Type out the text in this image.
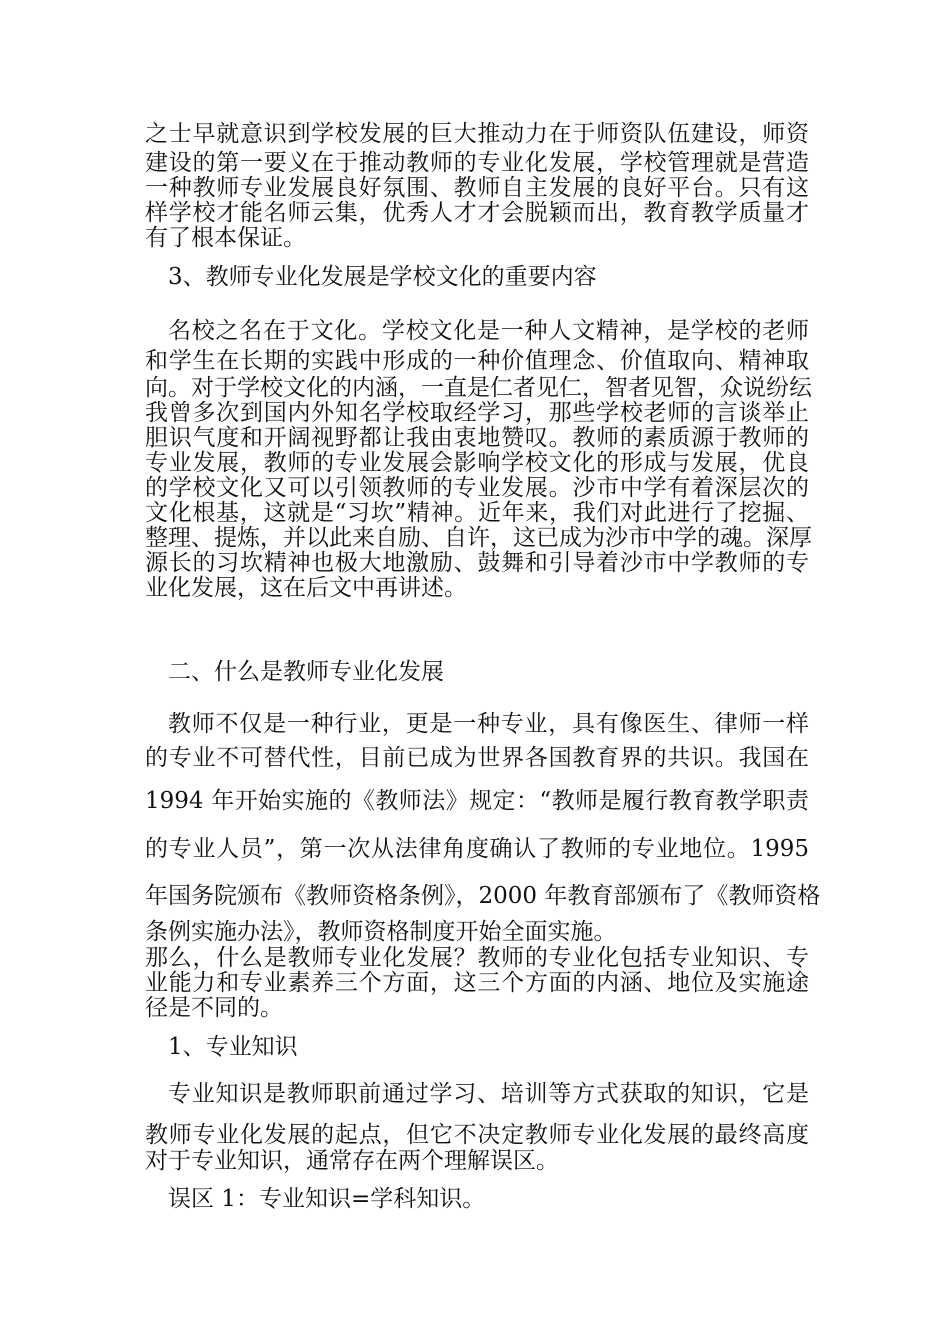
之士早就意识到学校发展的巨大推动力在于师资队伍建设，师资
建设的第一要义在于推动教师的专业化发展，学校管理就是营造
一种教师专业发展良好氛围、教师自主发展的良好平台。只有这
样学校才能名师云集，优秀人才才会脱颖而出，教育教学质量才
有了根本保证。
3、教师专业化发展是学校文化的重要内容
名校之名在于文化。学校文化是一种人文精神，是学校的老师
和学生在长期的实践中形成的一种价值理念、价值取向、精神取
向。对于学校文化的内涵，一直是仁者见仁，智者见智，众说纷纭
我曾多次到国内外知名学校取经学习，那些学校老师的言谈举止
胆识气度和开阔视野都让我由衷地赞叹。教师的素质源于教师的
专业发展，教师的专业发展会影响学校文化的形成与发展，优良
的学校文化又可以引领教师的专业发展。沙市中学有着深层次的
文化根基，这就是“习坎”精神。近年来，我们对此进行了挖掘、
整理、提炼，并以此来自励、自许，这已成为沙市中学的魂。深厚
源长的习坎精神也极大地激励、鼓舞和引导着沙市中学教师的专
业化发展，这在后文中再讲述。
二、什么是教师专业化发展
教师不仅是一种行业，更是一种专业，具有像医生、律师一样
的专业不可替代性，目前已成为世界各国教育界的共识。我国在
1994 年开始实施的《教师法》规定：“教师是履行教育教学职责
的专业人员”，第一次从法律角度确认了教师的专业地位。1995
年国务院颁布《教师资格条例》，2000 年教育部颁布了《教师资格
条例实施办法》，教师资格制度开始全面实施。
那么，什么是教师专业化发展？教师的专业化包括专业知识、专
业能力和专业素养三个方面，这三个方面的内涵、地位及实施途
径是不同的。
1、专业知识
专业知识是教师职前通过学习、培训等方式获取的知识，它是
教师专业化发展的起点，但它不决定教师专业化发展的最终高度
对于专业知识，通常存在两个理解误区。
误区 1：专业知识=学科知识。
